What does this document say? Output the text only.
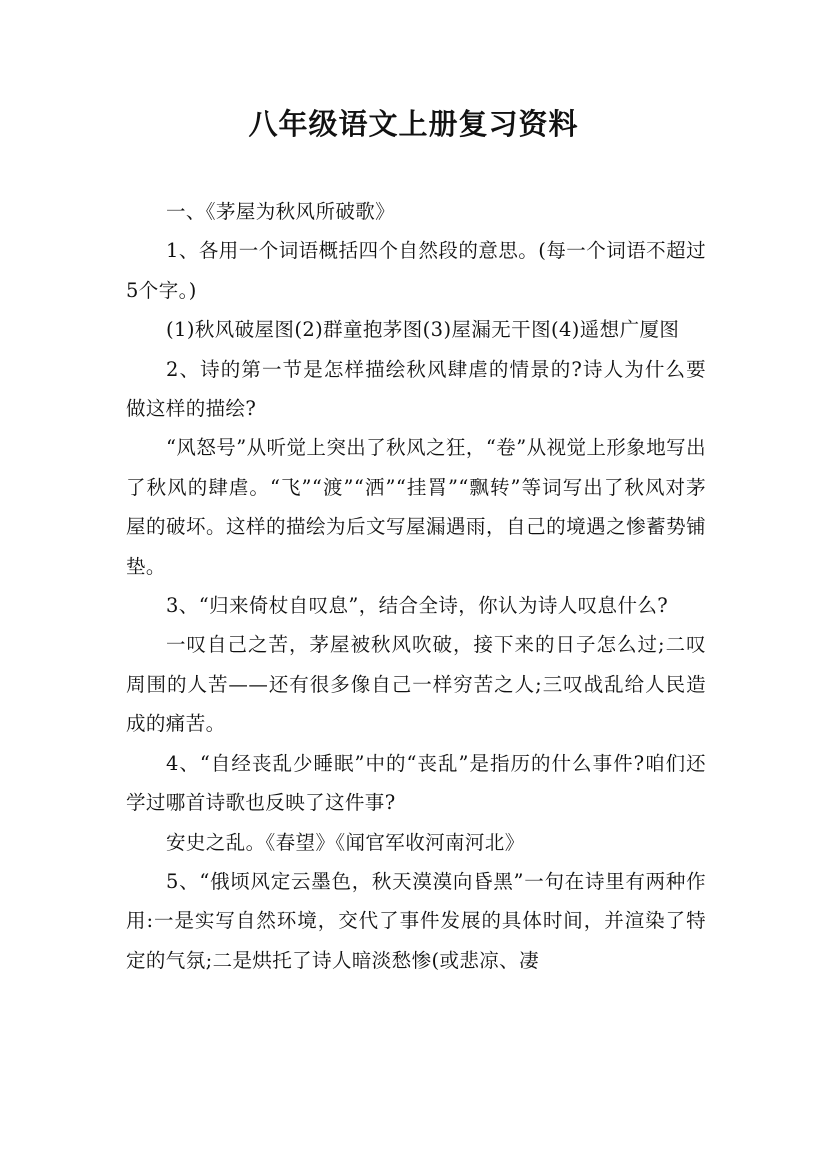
八年级语文上册复习资料

一、《茅屋为秋风所破歌》

1、各用一个词语概括四个自然段的意思。(每一个词语不超过5个字。)

(1)秋风破屋图(2)群童抱茅图(3)屋漏无干图(4)遥想广厦图

2、诗的第一节是怎样描绘秋风肆虐的情景的?诗人为什么要做这样的描绘?

“风怒号”从听觉上突出了秋风之狂，“卷”从视觉上形象地写出了秋风的肆虐。“飞”“渡”“洒”“挂罥”“飘转”等词写出了秋风对茅屋的破坏。这样的描绘为后文写屋漏遇雨，自己的境遇之惨蓄势铺垫。

3、“归来倚杖自叹息”，结合全诗，你认为诗人叹息什么?

一叹自己之苦，茅屋被秋风吹破，接下来的日子怎么过;二叹周围的人苦——还有很多像自己一样穷苦之人;三叹战乱给人民造成的痛苦。

4、“自经丧乱少睡眠”中的“丧乱”是指历的什么事件?咱们还学过哪首诗歌也反映了这件事?

安史之乱。《春望》《闻官军收河南河北》

5、“俄顷风定云墨色，秋天漠漠向昏黑”一句在诗里有两种作用:一是实写自然环境，交代了事件发展的具体时间，并渲染了特定的气氛;二是烘托了诗人暗淡愁惨(或悲凉、凄
